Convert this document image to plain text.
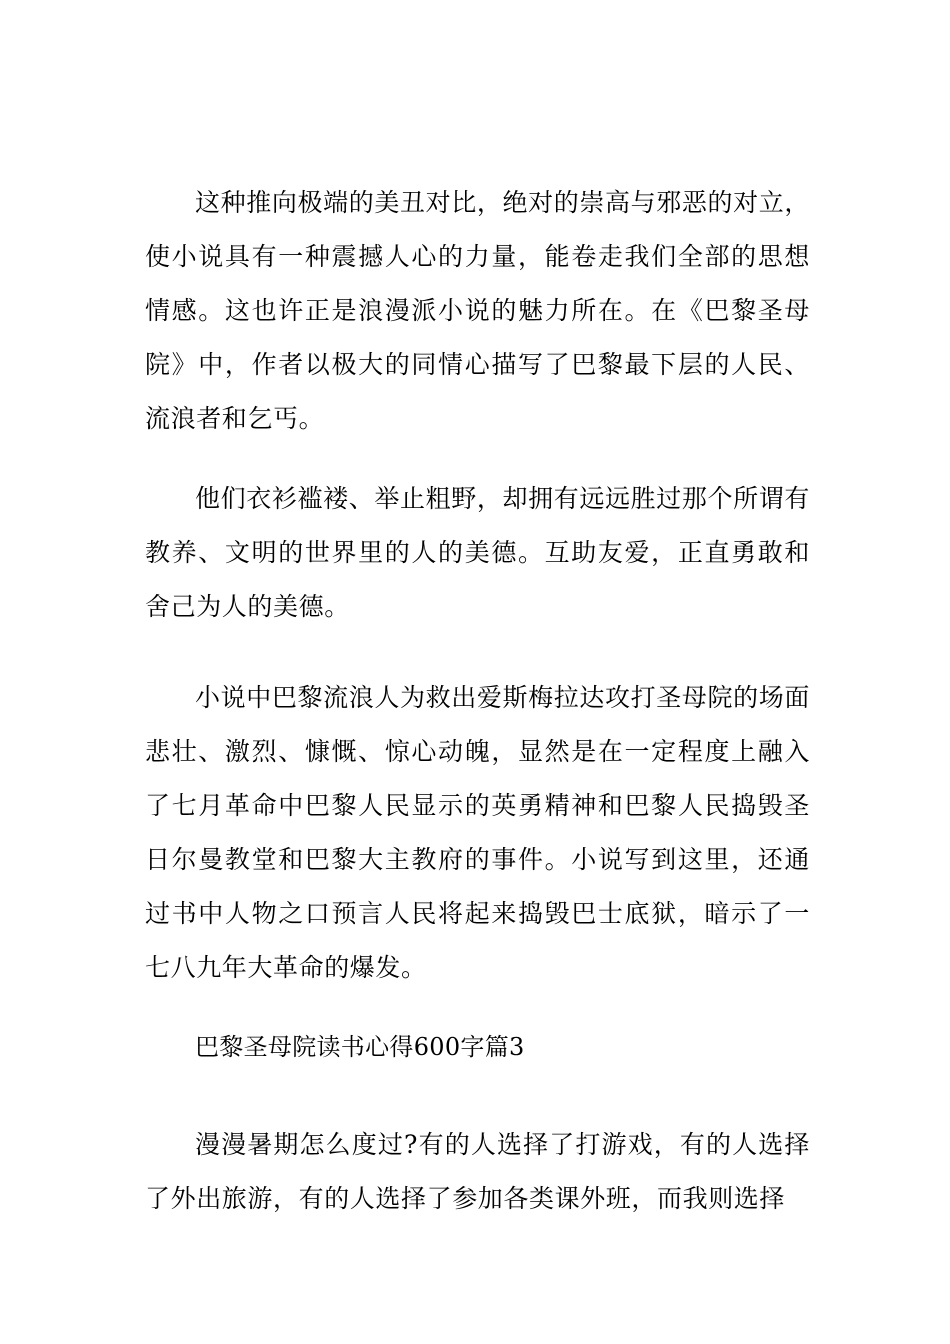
这种推向极端的美丑对比，绝对的崇高与邪恶的对立，使小说具有一种震撼人心的力量，能卷走我们全部的思想情感。这也许正是浪漫派小说的魅力所在。在《巴黎圣母院》中，作者以极大的同情心描写了巴黎最下层的人民、流浪者和乞丐。

他们衣衫褴褛、举止粗野，却拥有远远胜过那个所谓有教养、文明的世界里的人的美德。互助友爱，正直勇敢和舍己为人的美德。

小说中巴黎流浪人为救出爱斯梅拉达攻打圣母院的场面悲壮、激烈、慷慨、惊心动魄，显然是在一定程度上融入了七月革命中巴黎人民显示的英勇精神和巴黎人民捣毁圣日尔曼教堂和巴黎大主教府的事件。小说写到这里，还通过书中人物之口预言人民将起来捣毁巴士底狱，暗示了一七八九年大革命的爆发。

巴黎圣母院读书心得600字篇3

漫漫暑期怎么度过?有的人选择了打游戏，有的人选择了外出旅游，有的人选择了参加各类课外班，而我则选择
